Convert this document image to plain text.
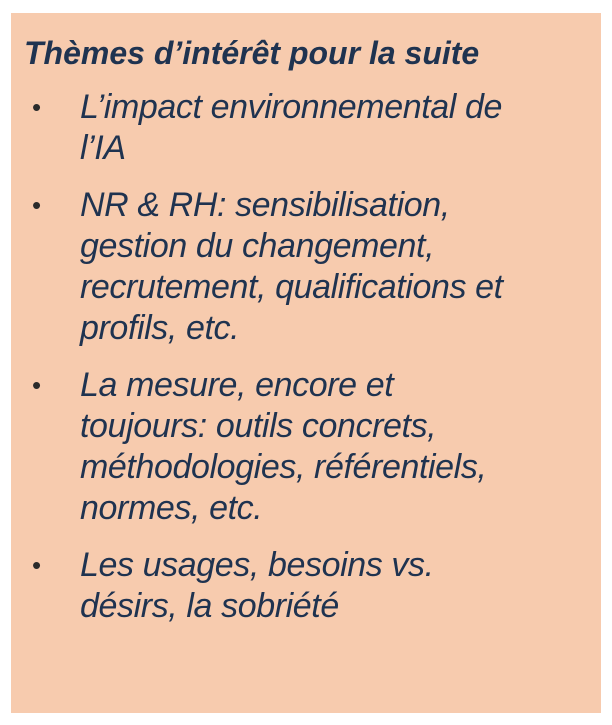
Thèmes d’intérêt pour la suite
• L’impact environnemental de
l’IA
• NR & RH: sensibilisation,
gestion du changement,
recrutement, qualifications et
profils, etc.
• La mesure, encore et
toujours: outils concrets,
méthodologies, référentiels,
normes, etc.
• Les usages, besoins vs.
désirs, la sobriété
